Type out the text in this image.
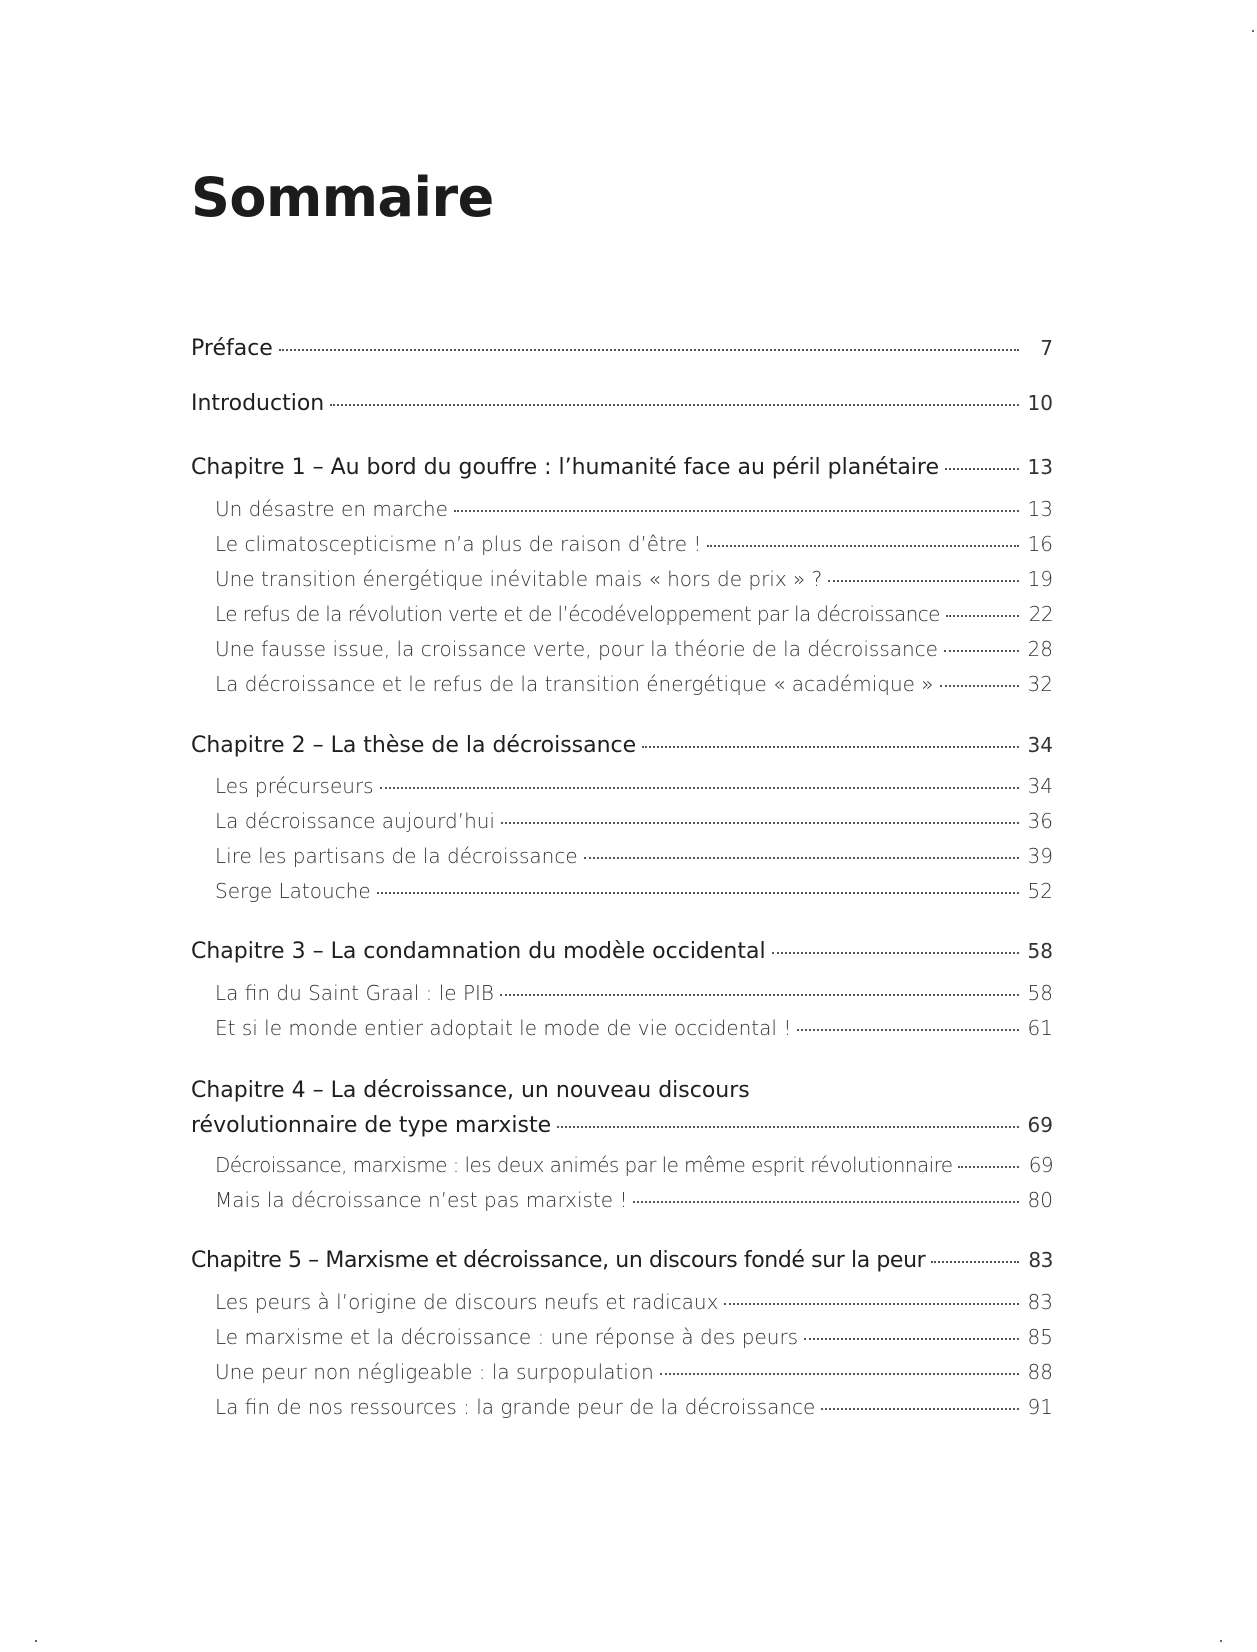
Sommaire
Préface	7
Introduction	10
Chapitre 1 – Au bord du gouffre : l’humanité face au péril planétaire	13
Un désastre en marche	13
Le climatoscepticisme n’a plus de raison d’être !	16
Une transition énergétique inévitable mais « hors de prix » ?	19
Le refus de la révolution verte et de l’écodéveloppement par la décroissance	22
Une fausse issue, la croissance verte, pour la théorie de la décroissance	28
La décroissance et le refus de la transition énergétique « académique »	32
Chapitre 2 – La thèse de la décroissance	34
Les précurseurs	34
La décroissance aujourd’hui	36
Lire les partisans de la décroissance	39
Serge Latouche	52
Chapitre 3 – La condamnation du modèle occidental	58
La fin du Saint Graal : le PIB	58
Et si le monde entier adoptait le mode de vie occidental !	61
Chapitre 4 – La décroissance, un nouveau discours
révolutionnaire de type marxiste	69
Décroissance, marxisme : les deux animés par le même esprit révolutionnaire	69
Mais la décroissance n’est pas marxiste !	80
Chapitre 5 – Marxisme et décroissance, un discours fondé sur la peur	83
Les peurs à l’origine de discours neufs et radicaux	83
Le marxisme et la décroissance : une réponse à des peurs	85
Une peur non négligeable : la surpopulation	88
La fin de nos ressources : la grande peur de la décroissance	91
